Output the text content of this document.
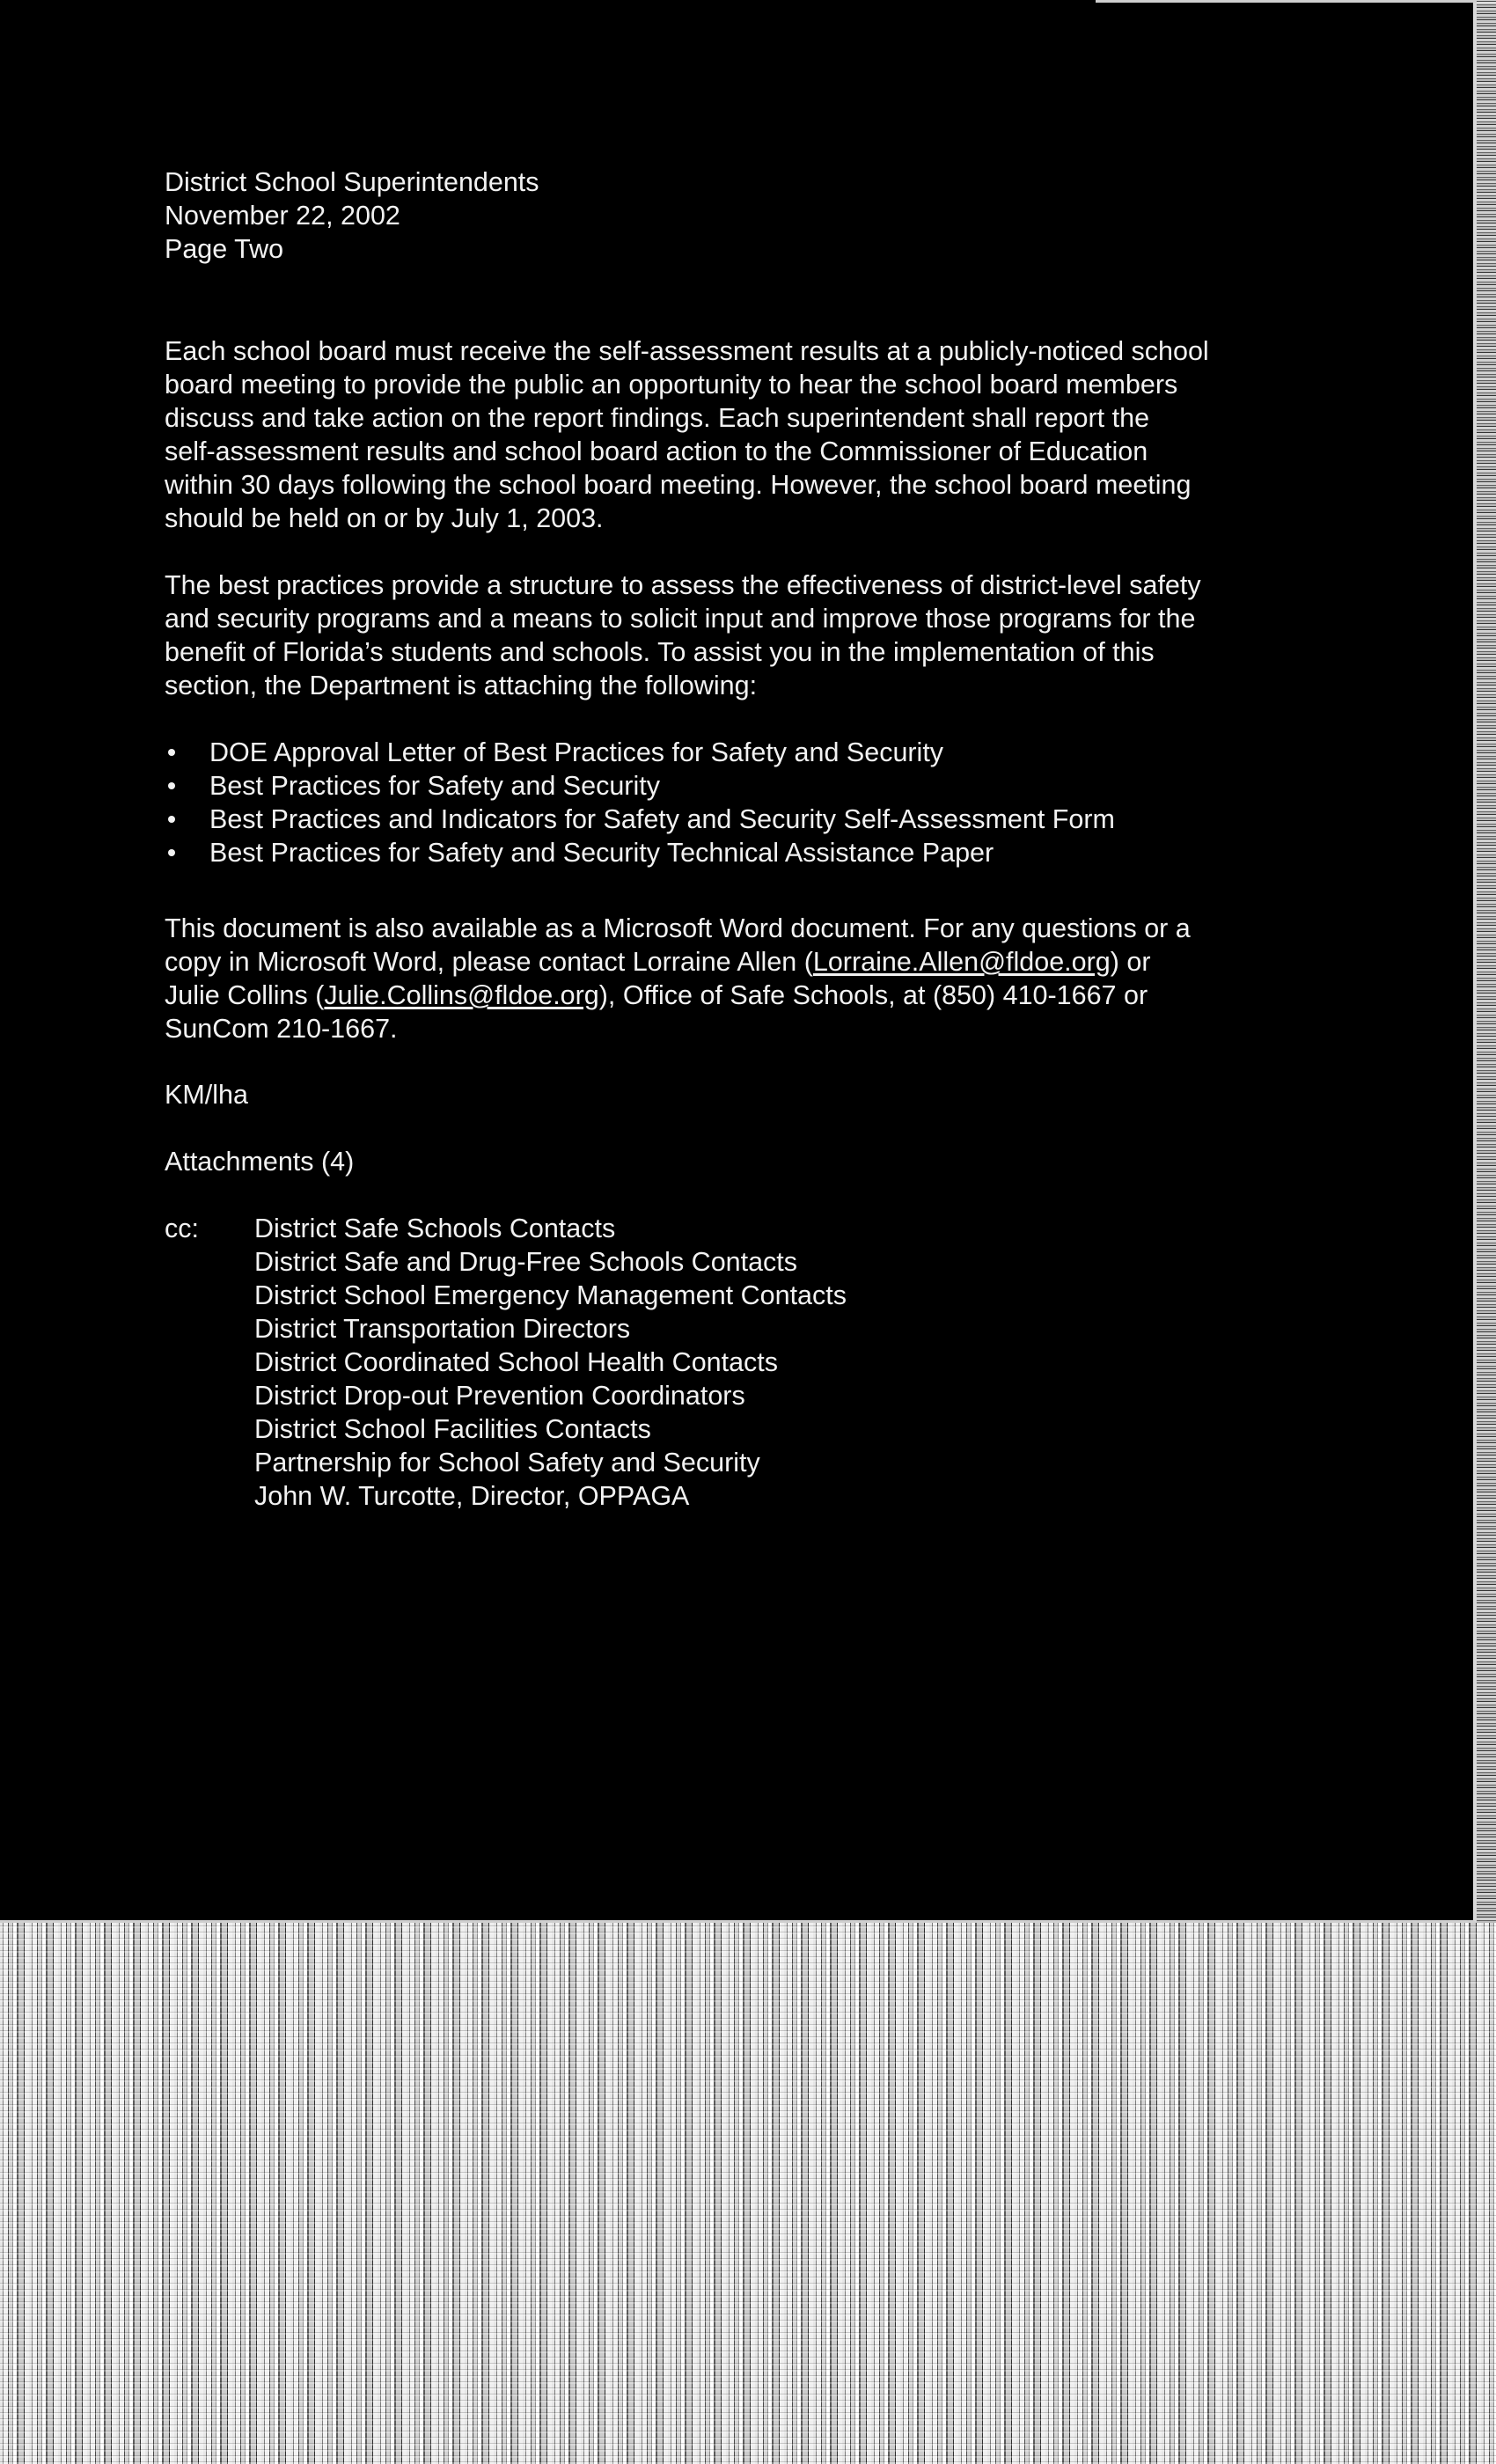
District School Superintendents
November 22, 2002
Page Two
Each school board must receive the self-assessment results at a publicly-noticed school
board meeting to provide the public an opportunity to hear the school board members
discuss and take action on the report findings. Each superintendent shall report the
self-assessment results and school board action to the Commissioner of Education
within 30 days following the school board meeting. However, the school board meeting
should be held on or by July 1, 2003.
The best practices provide a structure to assess the effectiveness of district-level safety
and security programs and a means to solicit input and improve those programs for the
benefit of Florida’s students and schools. To assist you in the implementation of this
section, the Department is attaching the following:
DOE Approval Letter of Best Practices for Safety and Security
Best Practices for Safety and Security
Best Practices and Indicators for Safety and Security Self-Assessment Form
Best Practices for Safety and Security Technical Assistance Paper
This document is also available as a Microsoft Word document. For any questions or a
copy in Microsoft Word, please contact Lorraine Allen (Lorraine.Allen@fldoe.org) or
Julie Collins (Julie.Collins@fldoe.org), Office of Safe Schools, at (850) 410-1667 or
SunCom 210-1667.
KM/lha
Attachments (4)
cc: District Safe Schools Contacts
District Safe and Drug-Free Schools Contacts
District School Emergency Management Contacts
District Transportation Directors
District Coordinated School Health Contacts
District Drop-out Prevention Coordinators
District School Facilities Contacts
Partnership for School Safety and Security
John W. Turcotte, Director, OPPAGA
